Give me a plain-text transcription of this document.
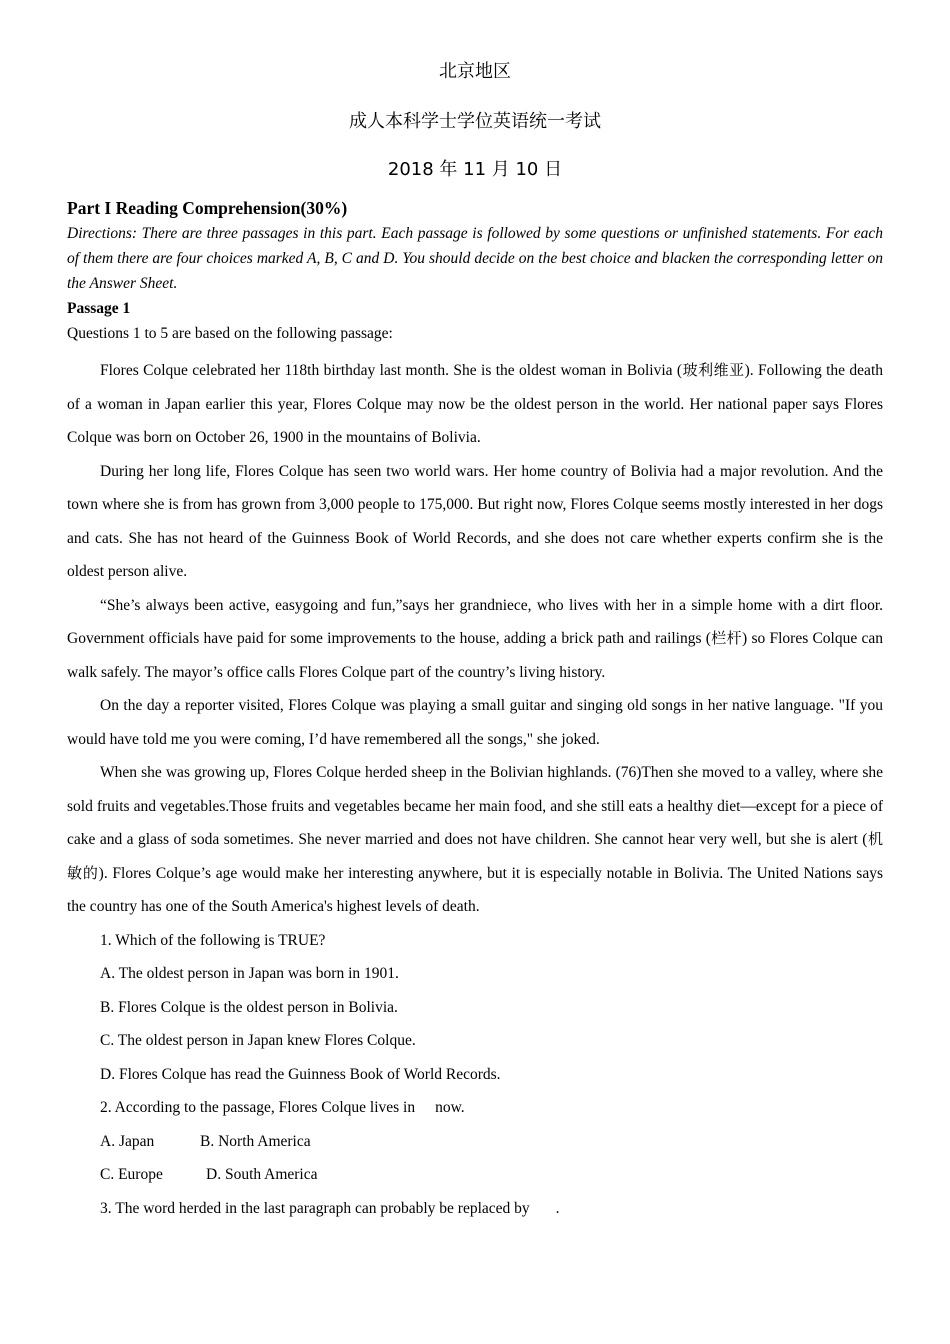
北京地区
成人本科学士学位英语统一考试
2018 年 11 月 10 日

Part I Reading Comprehension(30%)

Directions: There are three passages in this part. Each passage is followed by some questions or unfinished statements. For each of them there are four choices marked A, B, C and D. You should decide on the best choice and blacken the corresponding letter on the Answer Sheet.

Passage 1

Questions 1 to 5 are based on the following passage:

Flores Colque celebrated her 118th birthday last month. She is the oldest woman in Bolivia (玻利维亚). Following the death of a woman in Japan earlier this year, Flores Colque may now be the oldest person in the world. Her national paper says Flores Colque was born on October 26, 1900 in the mountains of Bolivia.

During her long life, Flores Colque has seen two world wars. Her home country of Bolivia had a major revolution. And the town where she is from has grown from 3,000 people to 175,000. But right now, Flores Colque seems mostly interested in her dogs and cats. She has not heard of the Guinness Book of World Records, and she does not care whether experts confirm she is the oldest person alive.

“She’s always been active, easygoing and fun,”says her grandniece, who lives with her in a simple home with a dirt floor. Government officials have paid for some improvements to the house, adding a brick path and railings (栏杆) so Flores Colque can walk safely. The mayor’s office calls Flores Colque part of the country’s living history.

On the day a reporter visited, Flores Colque was playing a small guitar and singing old songs in her native language. "If you would have told me you were coming, I’d have remembered all the songs," she joked.

When she was growing up, Flores Colque herded sheep in the Bolivian highlands. (76)Then she moved to a valley, where she sold fruits and vegetables.Those fruits and vegetables became her main food, and she still eats a healthy diet—except for a piece of cake and a glass of soda sometimes. She never married and does not have children. She cannot hear very well, but she is alert (机敏的). Flores Colque’s age would make her interesting anywhere, but it is especially notable in Bolivia. The United Nations says the country has one of the South America's highest levels of death.

1. Which of the following is TRUE?

A. The oldest person in Japan was born in 1901.

B. Flores Colque is the oldest person in Bolivia.

C. The oldest person in Japan knew Flores Colque.

D. Flores Colque has read the Guinness Book of World Records.

2. According to the passage, Flores Colque lives in now.

A. Japan	B. North America

C. Europe	D. South America

3. The word herded in the last paragraph can probably be replaced by .
